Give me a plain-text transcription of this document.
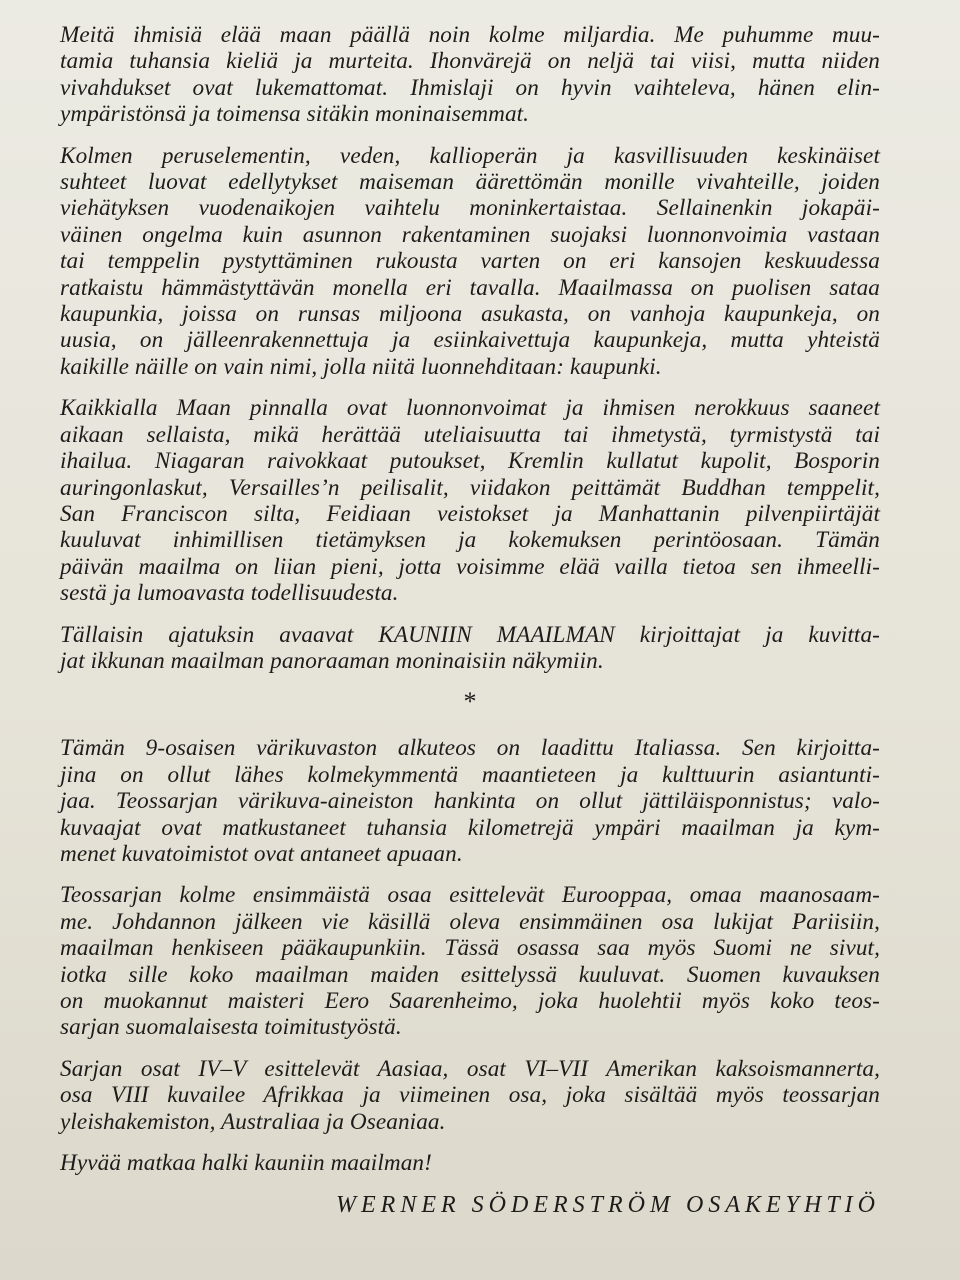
Meitä ihmisiä elää maan päällä noin kolme miljardia. Me puhumme muu-
tamia tuhansia kieliä ja murteita. Ihonvärejä on neljä tai viisi, mutta niiden
vivahdukset ovat lukemattomat. Ihmislaji on hyvin vaihteleva, hänen elin-
ympäristönsä ja toimensa sitäkin moninaisemmat.

Kolmen peruselementin, veden, kallioperän ja kasvillisuuden keskinäiset
suhteet luovat edellytykset maiseman äärettömän monille vivahteille, joiden
viehätyksen vuodenaikojen vaihtelu moninkertaistaa. Sellainenkin jokapäi-
väinen ongelma kuin asunnon rakentaminen suojaksi luonnonvoimia vastaan
tai temppelin pystyttäminen rukousta varten on eri kansojen keskuudessa
ratkaistu hämmästyttävän monella eri tavalla. Maailmassa on puolisen sataa
kaupunkia, joissa on runsas miljoona asukasta, on vanhoja kaupunkeja, on
uusia, on jälleenrakennettuja ja esiinkaivettuja kaupunkeja, mutta yhteistä
kaikille näille on vain nimi, jolla niitä luonnehditaan: kaupunki.

Kaikkialla Maan pinnalla ovat luonnonvoimat ja ihmisen nerokkuus saaneet
aikaan sellaista, mikä herättää uteliaisuutta tai ihmetystä, tyrmistystä tai
ihailua. Niagaran raivokkaat putoukset, Kremlin kullatut kupolit, Bosporin
auringonlaskut, Versailles’n peilisalit, viidakon peittämät Buddhan temppelit,
San Franciscon silta, Feidiaan veistokset ja Manhattanin pilvenpiirtäjät
kuuluvat inhimillisen tietämyksen ja kokemuksen perintöosaan. Tämän
päivän maailma on liian pieni, jotta voisimme elää vailla tietoa sen ihmeelli-
sestä ja lumoavasta todellisuudesta.

Tällaisin ajatuksin avaavat KAUNIIN MAAILMAN kirjoittajat ja kuvitta-
jat ikkunan maailman panoraaman moninaisiin näkymiin.

*

Tämän 9-osaisen värikuvaston alkuteos on laadittu Italiassa. Sen kirjoitta-
jina on ollut lähes kolmekymmentä maantieteen ja kulttuurin asiantunti-
jaa. Teossarjan värikuva-aineiston hankinta on ollut jättiläisponnistus; valo-
kuvaajat ovat matkustaneet tuhansia kilometrejä ympäri maailman ja kym-
menet kuvatoimistot ovat antaneet apuaan.

Teossarjan kolme ensimmäistä osaa esittelevät Eurooppaa, omaa maanosaam-
me. Johdannon jälkeen vie käsillä oleva ensimmäinen osa lukijat Pariisiin,
maailman henkiseen pääkaupunkiin. Tässä osassa saa myös Suomi ne sivut,
iotka sille koko maailman maiden esittelyssä kuuluvat. Suomen kuvauksen
on muokannut maisteri Eero Saarenheimo, joka huolehtii myös koko teos-
sarjan suomalaisesta toimitustyöstä.

Sarjan osat IV–V esittelevät Aasiaa, osat VI–VII Amerikan kaksoismannerta,
osa VIII kuvailee Afrikkaa ja viimeinen osa, joka sisältää myös teossarjan
yleishakemiston, Australiaa ja Oseaniaa.

Hyvää matkaa halki kauniin maailman!

WERNER SÖDERSTRÖM OSAKEYHTIÖ
